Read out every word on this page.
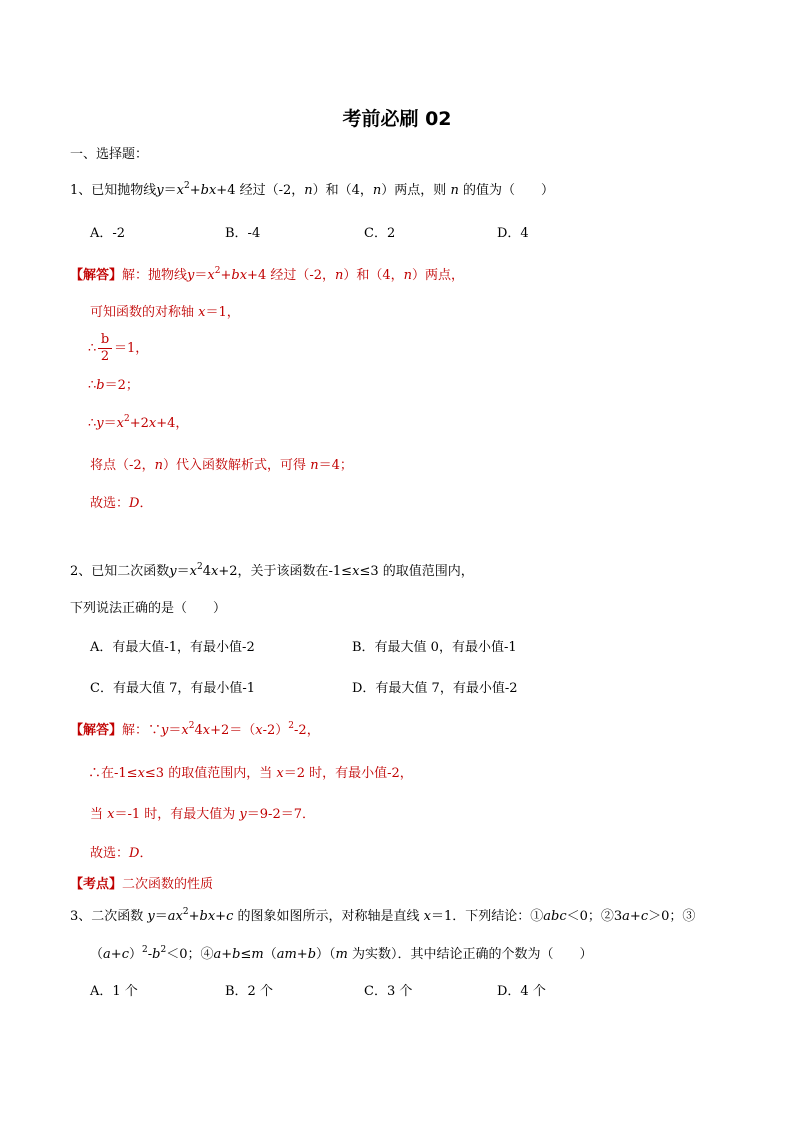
考前必刷 02
一、选择题：
1、已知抛物线$y=x^2+bx+4$ 经过（-2，n）和（4，n）两点，则 n 的值为（　　）
A．-2	B．-4	C．2	D．4
【解答】解：抛物线$y=x^2+bx+4$ 经过（-2，n）和（4，n）两点，
可知函数的对称轴 x＝1，
∴ $\frac{b}{2} =1$，
∴b＝2；
$\therefore y=x^2+2x+4$，
将点（-2，n）代入函数解析式，可得 n＝4；
故选：D．
2、已知二次函数$y=x^24x+2$，关于该函数在-1≤x≤3 的取值范围内，
下列说法正确的是（　　）
A．有最大值-1，有最小值-2	B．有最大值 0，有最小值-1
C．有最大值 7，有最小值-1	D．有最大值 7，有最小值-2
【解答】解：$\because y=x^24x+2=(x-2)^2-2$，
∴在-1≤x≤3 的取值范围内，当 x＝2 时，有最小值-2，
当 x＝-1 时，有最大值为 y＝9-2＝7．
故选：D．
【考点】二次函数的性质
3、二次函数 $y=ax^2+bx+c$ 的图象如图所示，对称轴是直线 x＝1．下列结论：①abc＜0；②3a+c＞0；③
$(a+c)^2-b^2<0$；④a+b≤m（am+b）（m 为实数）．其中结论正确的个数为（　　）
A．1 个	B．2 个	C．3 个	D．4 个
